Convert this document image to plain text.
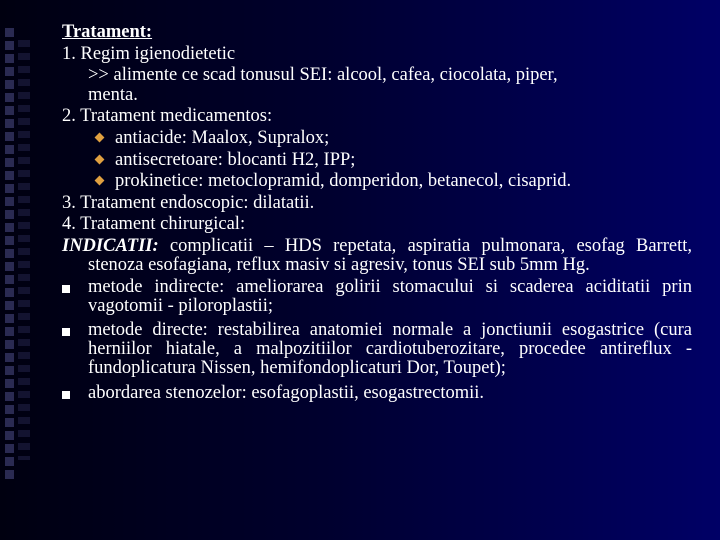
Tratament:
1. Regim igienodietetic
>> alimente ce scad tonusul SEI: alcool, cafea, ciocolata, piper,
menta.
2. Tratament medicamentos:
antiacide: Maalox, Supralox;
antisecretoare: blocanti H2, IPP;
prokinetice: metoclopramid, domperidon, betanecol, cisaprid.
3. Tratament endoscopic: dilatatii.
4. Tratament chirurgical:
INDICATII: complicatii – HDS repetata, aspiratia pulmonara, esofag Barrett, stenoza esofagiana, reflux masiv si agresiv, tonus SEI sub 5mm Hg.
metode indirecte: ameliorarea golirii stomacului si scaderea aciditatii prin vagotomii - piloroplastii;
metode directe: restabilirea anatomiei normale a jonctiunii esogastrice (cura herniilor hiatale, a malpozitiilor cardiotuberozitare, procedee antireflux - fundoplicatura Nissen, hemifondoplicaturi Dor, Toupet);
abordarea stenozelor: esofagoplastii, esogastrectomii.
